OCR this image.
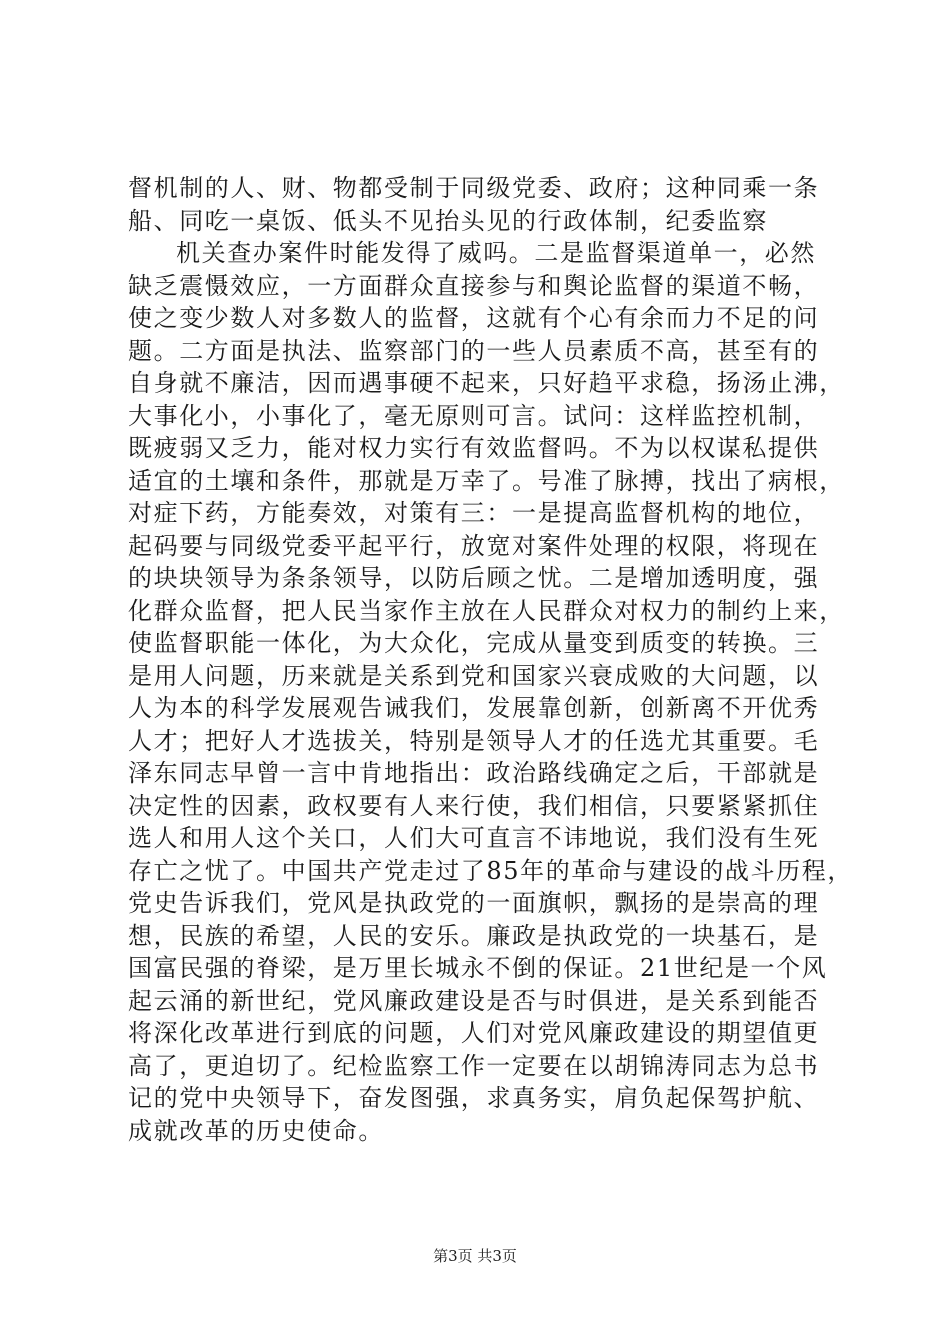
督机制的人、财、物都受制于同级党委、政府；这种同乘一条
船、同吃一桌饭、低头不见抬头见的行政体制，纪委监察
机关查办案件时能发得了威吗。二是监督渠道单一，必然
缺乏震慑效应，一方面群众直接参与和舆论监督的渠道不畅，
使之变少数人对多数人的监督，这就有个心有余而力不足的问
题。二方面是执法、监察部门的一些人员素质不高，甚至有的
自身就不廉洁，因而遇事硬不起来，只好趋平求稳，扬汤止沸，
大事化小，小事化了，毫无原则可言。试问：这样监控机制，
既疲弱又乏力，能对权力实行有效监督吗。不为以权谋私提供
适宜的土壤和条件，那就是万幸了。号准了脉搏，找出了病根，
对症下药，方能奏效，对策有三：一是提高监督机构的地位，
起码要与同级党委平起平行，放宽对案件处理的权限，将现在
的块块领导为条条领导，以防后顾之忧。二是增加透明度，强
化群众监督，把人民当家作主放在人民群众对权力的制约上来，
使监督职能一体化，为大众化，完成从量变到质变的转换。三
是用人问题，历来就是关系到党和国家兴衰成败的大问题，以
人为本的科学发展观告诫我们，发展靠创新，创新离不开优秀
人才；把好人才选拔关，特别是领导人才的任选尤其重要。毛
泽东同志早曾一言中肯地指出：政治路线确定之后，干部就是
决定性的因素，政权要有人来行使，我们相信，只要紧紧抓住
选人和用人这个关口，人们大可直言不讳地说，我们没有生死
存亡之忧了。中国共产党走过了85年的革命与建设的战斗历程，
党史告诉我们，党风是执政党的一面旗帜，飘扬的是崇高的理
想，民族的希望，人民的安乐。廉政是执政党的一块基石，是
国富民强的脊梁，是万里长城永不倒的保证。21世纪是一个风
起云涌的新世纪，党风廉政建设是否与时俱进，是关系到能否
将深化改革进行到底的问题，人们对党风廉政建设的期望值更
高了，更迫切了。纪检监察工作一定要在以胡锦涛同志为总书
记的党中央领导下，奋发图强，求真务实，肩负起保驾护航、
成就改革的历史使命。
第3页 共3页
